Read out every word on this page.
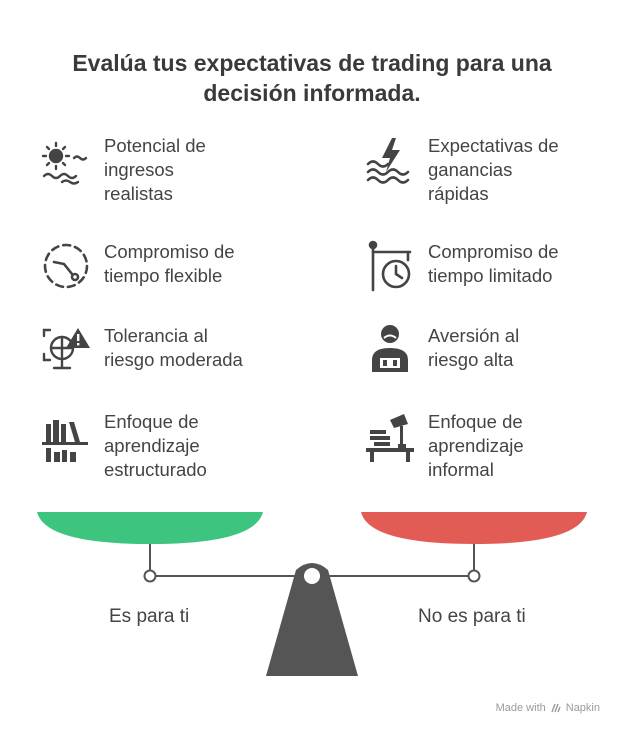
Evalúa tus expectativas de trading para una decisión informada.
Potencial de
ingresos
realistas
Compromiso de
tiempo flexible
Tolerancia al
riesgo moderada
Enfoque de
aprendizaje
estructurado
Expectativas de
ganancias
rápidas
Compromiso de
tiempo limitado
Aversión al
riesgo alta
Enfoque de
aprendizaje
informal
Es para ti	No es para ti
Made with Napkin
